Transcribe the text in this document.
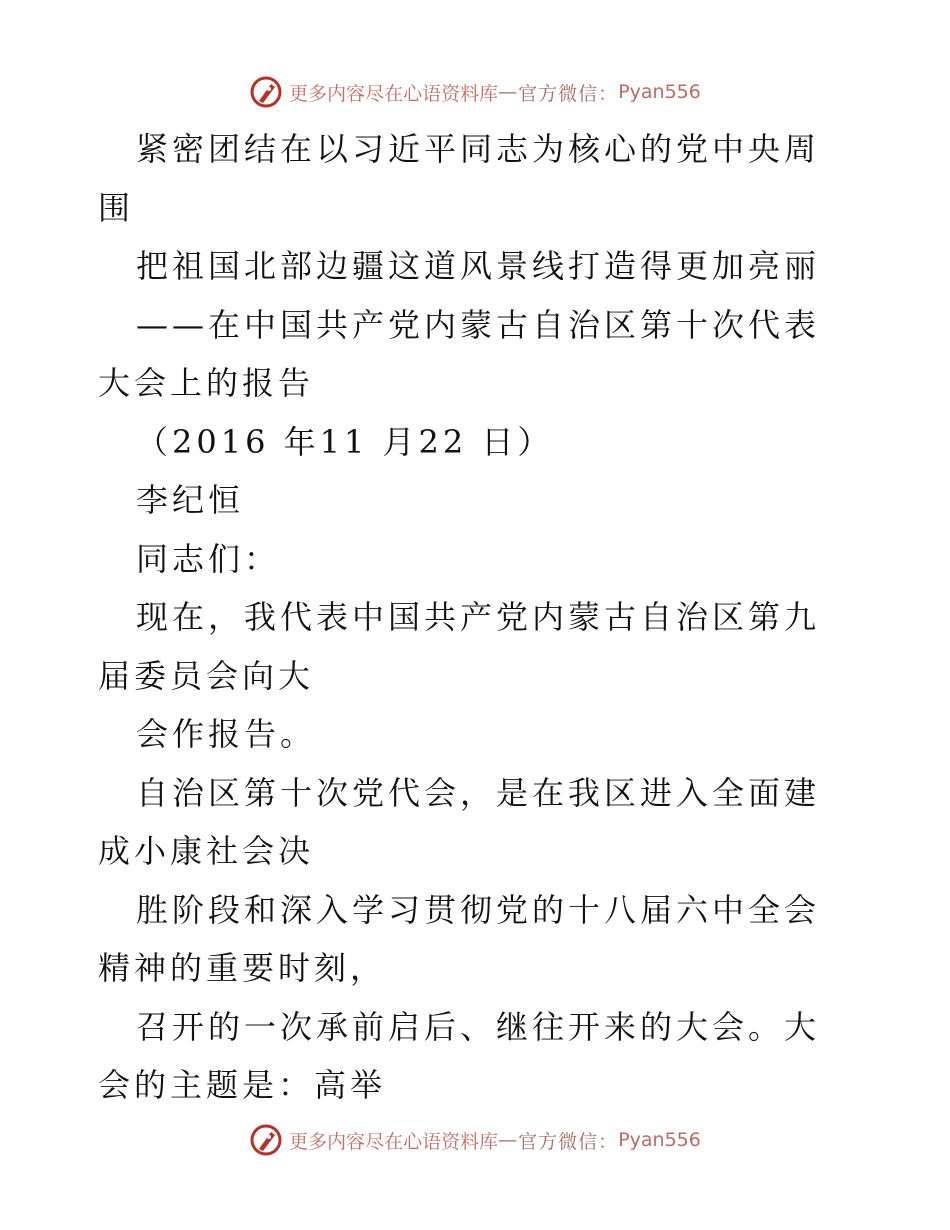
更多内容尽在心语资料库 — 官方微信： Pyan556

紧密团结在以习近平同志为核心的党中央周围

把祖国北部边疆这道风景线打造得更加亮丽

——在中国共产党内蒙古自治区第十次代表大会上的报告

（2016 年11 月22 日）

李纪恒

同志们：

现在，我代表中国共产党内蒙古自治区第九届委员会向大

会作报告。

自治区第十次党代会，是在我区进入全面建成小康社会决

胜阶段和深入学习贯彻党的十八届六中全会精神的重要时刻，

召开的一次承前启后、继往开来的大会。大会的主题是：高举

更多内容尽在心语资料库 — 官方微信： Pyan556
